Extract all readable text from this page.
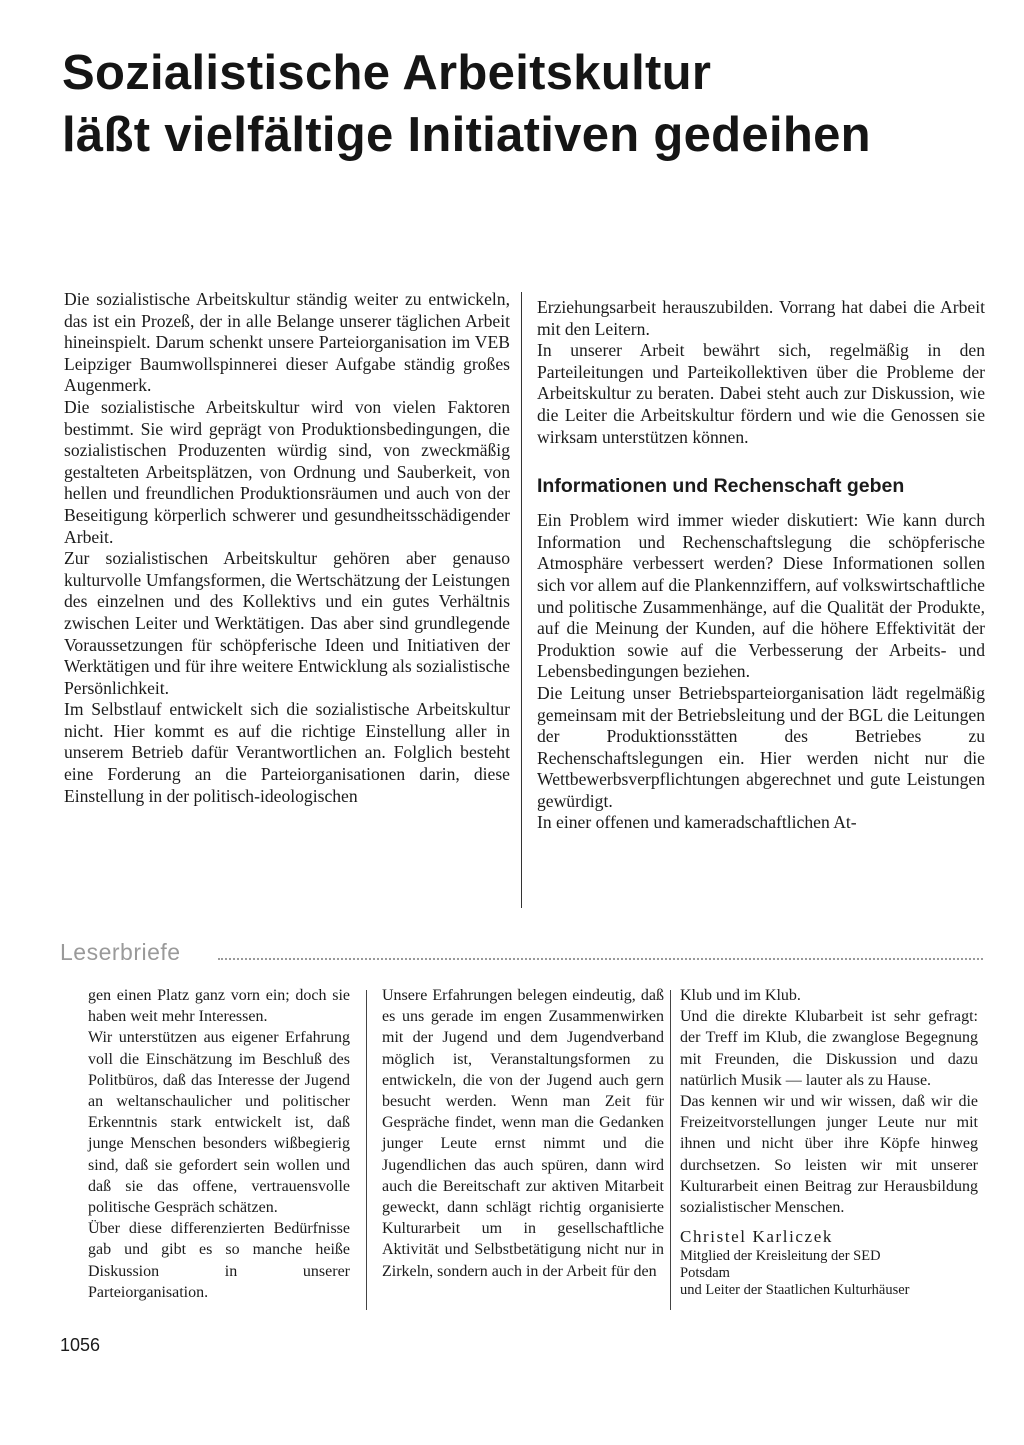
Sozialistische Arbeitskultur
läßt vielfältige Initiativen gedeihen

Die sozialistische Arbeitskultur ständig weiter zu entwickeln, das ist ein Prozeß, der in alle Belange unserer täglichen Arbeit hineinspielt. Darum schenkt unsere Parteiorganisation im VEB Leipziger Baumwollspinnerei dieser Aufgabe ständig großes Augenmerk.

Die sozialistische Arbeitskultur wird von vielen Faktoren bestimmt. Sie wird geprägt von Produktionsbedingungen, die sozialistischen Produzenten würdig sind, von zweckmäßig gestalteten Arbeitsplätzen, von Ordnung und Sauberkeit, von hellen und freundlichen Produktionsräumen und auch von der Beseitigung körperlich schwerer und gesundheitsschädigender Arbeit.

Zur sozialistischen Arbeitskultur gehören aber genauso kulturvolle Umfangsformen, die Wertschätzung der Leistungen des einzelnen und des Kollektivs und ein gutes Verhältnis zwischen Leiter und Werktätigen. Das aber sind grundlegende Voraussetzungen für schöpferische Ideen und Initiativen der Werktätigen und für ihre weitere Entwicklung als sozialistische Persönlichkeit.

Im Selbstlauf entwickelt sich die sozialistische Arbeitskultur nicht. Hier kommt es auf die richtige Einstellung aller in unserem Betrieb dafür Verantwortlichen an. Folglich besteht eine Forderung an die Parteiorganisationen darin, diese Einstellung in der politisch-ideologischen

Erziehungsarbeit herauszubilden. Vorrang hat dabei die Arbeit mit den Leitern.

In unserer Arbeit bewährt sich, regelmäßig in den Parteileitungen und Parteikollektiven über die Probleme der Arbeitskultur zu beraten. Dabei steht auch zur Diskussion, wie die Leiter die Arbeitskultur fördern und wie die Genossen sie wirksam unterstützen können.

Informationen und Rechenschaft geben

Ein Problem wird immer wieder diskutiert: Wie kann durch Information und Rechenschaftslegung die schöpferische Atmosphäre verbessert werden? Diese Informationen sollen sich vor allem auf die Plankennziffern, auf volkswirtschaftliche und politische Zusammenhänge, auf die Qualität der Produkte, auf die Meinung der Kunden, auf die höhere Effektivität der Produktion sowie auf die Verbesserung der Arbeits- und Lebensbedingungen beziehen.

Die Leitung unser Betriebsparteiorganisation lädt regelmäßig gemeinsam mit der Betriebsleitung und der BGL die Leitungen der Produktionsstätten des Betriebes zu Rechenschaftslegungen ein. Hier werden nicht nur die Wettbewerbsverpflichtungen abgerechnet und gute Leistungen gewürdigt.

In einer offenen und kameradschaftlichen At-

Leserbriefe

gen einen Platz ganz vorn ein; doch sie haben weit mehr Interessen.

Wir unterstützen aus eigener Erfahrung voll die Einschätzung im Beschluß des Politbüros, daß das Interesse der Jugend an weltanschaulicher und politischer Erkenntnis stark entwickelt ist, daß junge Menschen besonders wißbegierig sind, daß sie gefordert sein wollen und daß sie das offene, vertrauensvolle politische Gespräch schätzen.

Über diese differenzierten Bedürfnisse gab und gibt es so manche heiße Diskussion in unserer Parteiorganisation.

Unsere Erfahrungen belegen eindeutig, daß es uns gerade im engen Zusammenwirken mit der Jugend und dem Jugendverband möglich ist, Veranstaltungsformen zu entwickeln, die von der Jugend auch gern besucht werden. Wenn man Zeit für Gespräche findet, wenn man die Gedanken junger Leute ernst nimmt und die Jugendlichen das auch spüren, dann wird auch die Bereitschaft zur aktiven Mitarbeit geweckt, dann schlägt richtig organisierte Kulturarbeit um in gesellschaftliche Aktivität und Selbstbetätigung nicht nur in Zirkeln, sondern auch in der Arbeit für den

Klub und im Klub.

Und die direkte Klubarbeit ist sehr gefragt: der Treff im Klub, die zwanglose Begegnung mit Freunden, die Diskussion und dazu natürlich Musik — lauter als zu Hause.

Das kennen wir und wir wissen, daß wir die Freizeitvorstellungen junger Leute nur mit ihnen und nicht über ihre Köpfe hinweg durchsetzen. So leisten wir mit unserer Kulturarbeit einen Beitrag zur Herausbildung sozialistischer Menschen.

Christel Karliczek
Mitglied der Kreisleitung der SED
Potsdam
und Leiter der Staatlichen Kulturhäuser
1056
